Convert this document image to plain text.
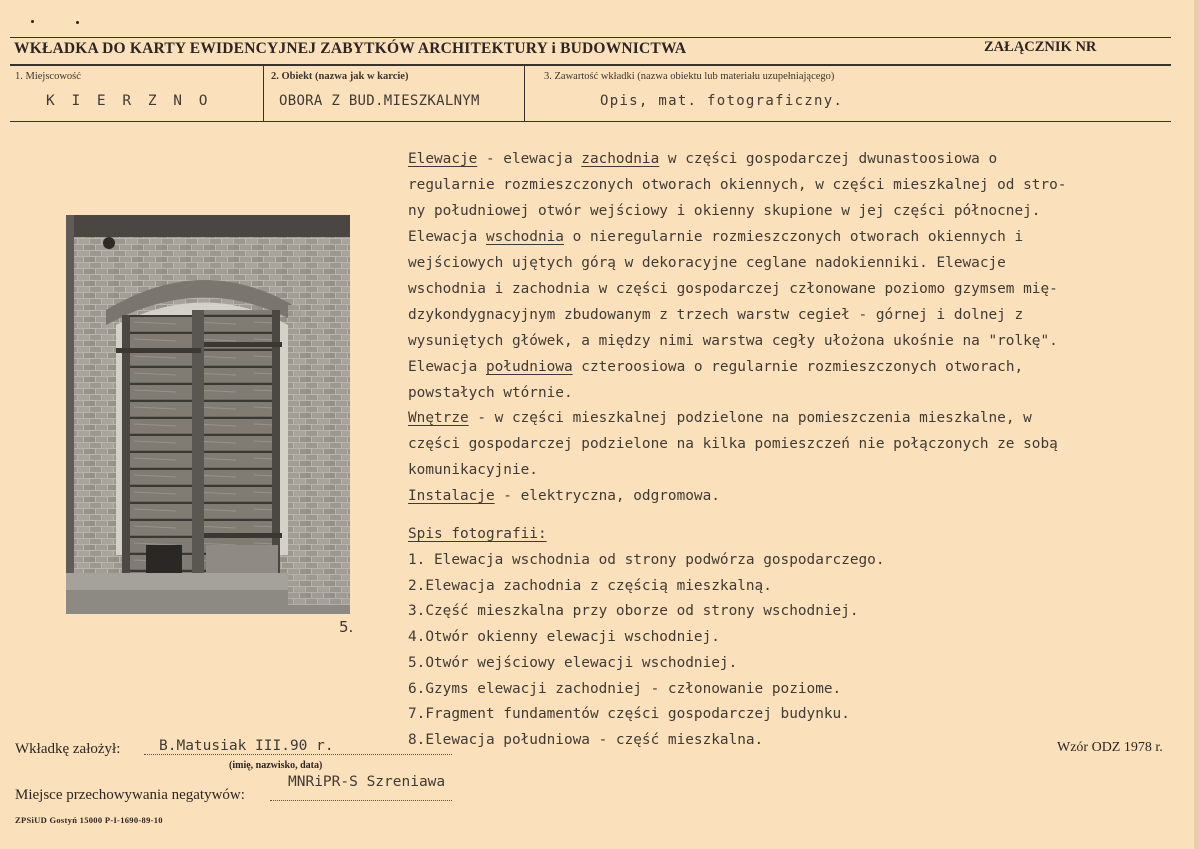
WKŁADKA DO KARTY EWIDENCYJNEJ ZABYTKÓW ARCHITEKTURY i BUDOWNICTWA	ZAŁĄCZNIK NR
1. Miejscowość
K I E R Z N O
2. Obiekt (nazwa jak w karcie)
OBORA Z BUD.MIESZKALNYM
3. Zawartość wkładki (nazwa obiektu lub materiału uzupełniającego)
Opis, mat. fotograficzny.
5.
Elewacje - elewacja zachodnia w części gospodarczej dwunastoosiowa o
regularnie rozmieszczonych otworach okiennych, w części mieszkalnej od stro-
ny południowej otwór wejściowy i okienny skupione w jej części północnej.
Elewacja wschodnia o nieregularnie rozmieszczonych otworach okiennych i
wejściowych ujętych górą w dekoracyjne ceglane nadokienniki. Elewacje
wschodnia i zachodnia w części gospodarczej członowane poziomo gzymsem mię-
dzykondygnacyjnym zbudowanym z trzech warstw cegieł - górnej i dolnej z
wysuniętych główek, a między nimi warstwa cegły ułożona ukośnie na "rolkę".
Elewacja południowa czteroosiowa o regularnie rozmieszczonych otworach,
powstałych wtórnie.
Wnętrze - w części mieszkalnej podzielone na pomieszczenia mieszkalne, w
części gospodarczej podzielone na kilka pomieszczeń nie połączonych ze sobą
komunikacyjnie.
Instalacje - elektryczna, odgromowa.
Spis fotografii:
1. Elewacja wschodnia od strony podwórza gospodarczego.
2.Elewacja zachodnia z częścią mieszkalną.
3.Część mieszkalna przy oborze od strony wschodniej.
4.Otwór okienny elewacji wschodniej.
5.Otwór wejściowy elewacji wschodniej.
6.Gzyms elewacji zachodniej - członowanie poziome.
7.Fragment fundamentów części gospodarczej budynku.
8.Elewacja południowa - część mieszkalna.
Wkładkę założył:	B.Matusiak III.90 r.
(imię, nazwisko, data)
MNRiPR-S Szreniawa
Miejsce przechowywania negatywów:
Wzór ODZ 1978 r.
ZPSiUD Gostyń 15000 P-I-1690-89-10
